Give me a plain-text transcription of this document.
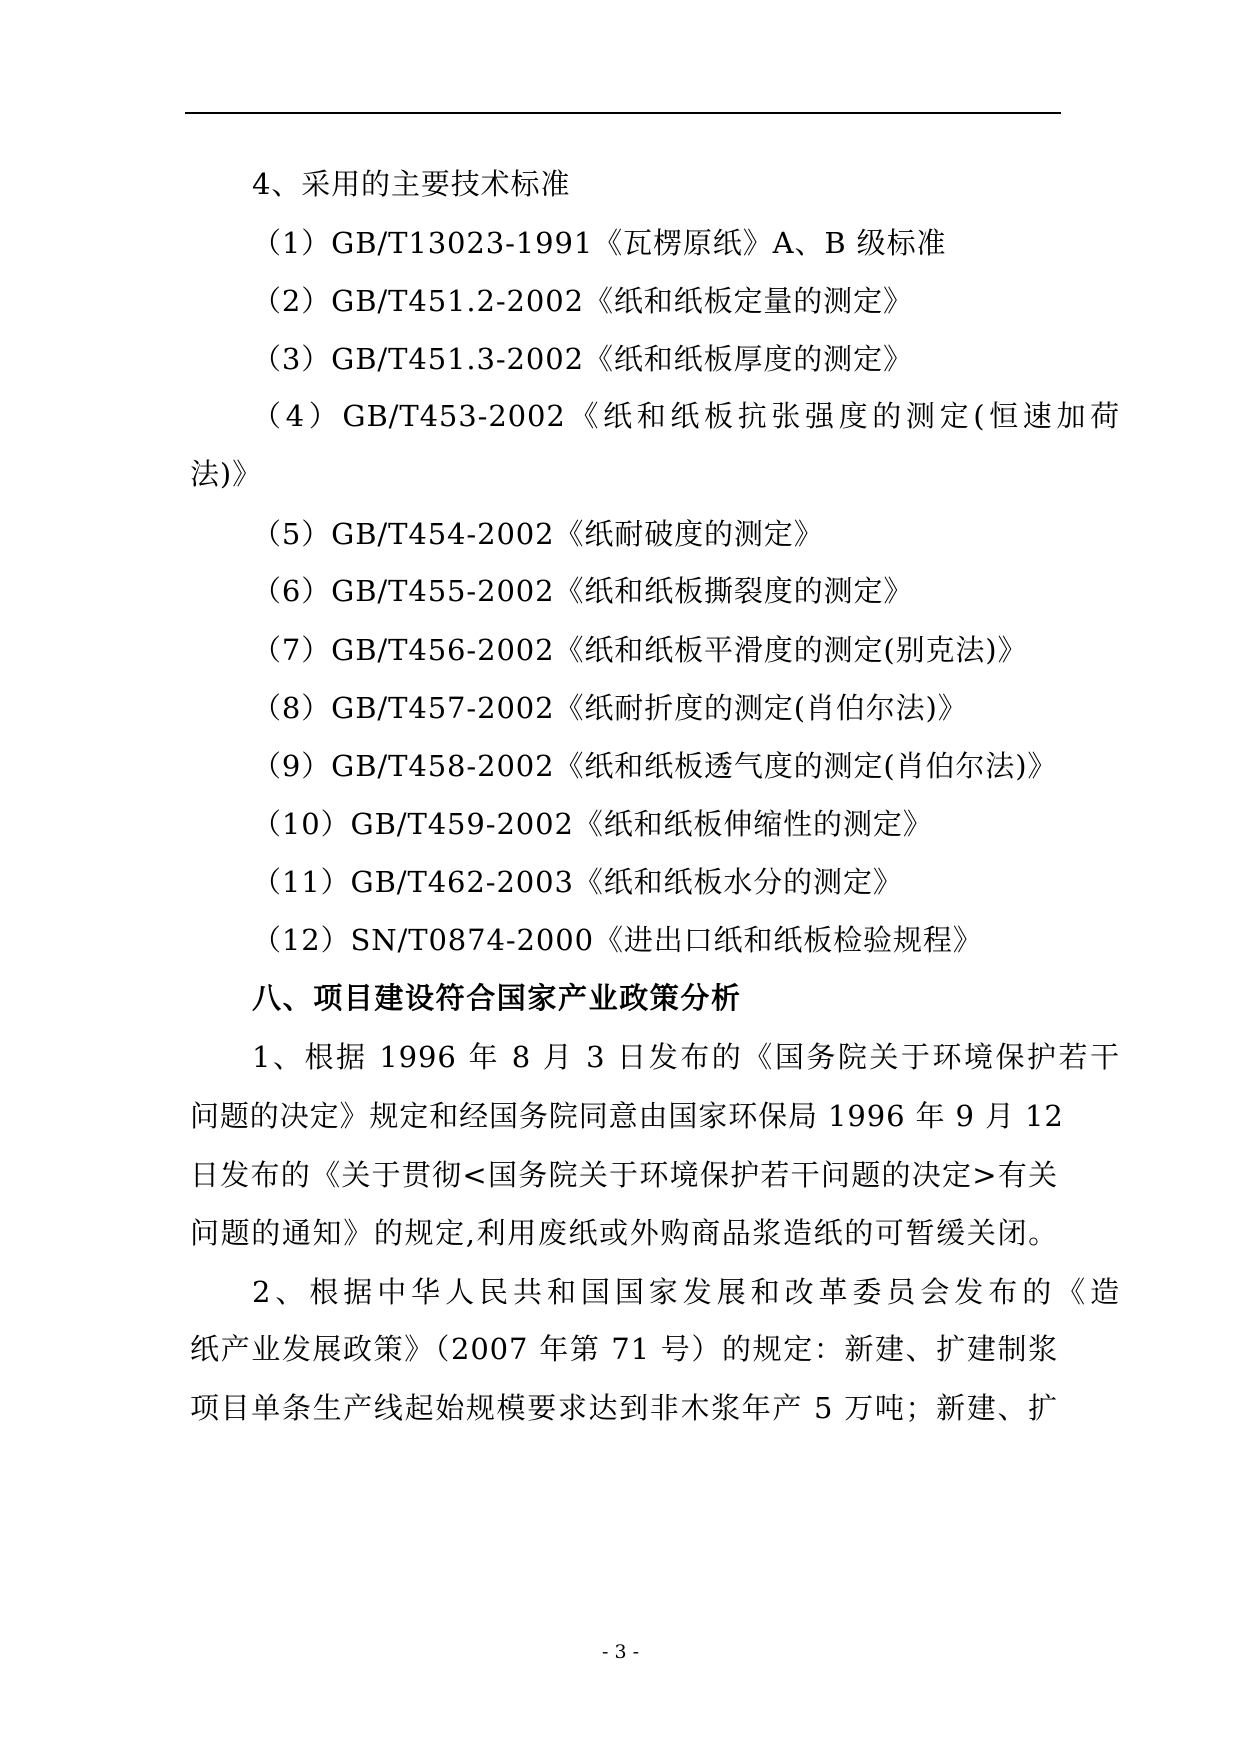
4、采用的主要技术标准
（1）GB/T13023-1991《瓦楞原纸》A、B 级标准
（2）GB/T451.2-2002《纸和纸板定量的测定》
（3）GB/T451.3-2002《纸和纸板厚度的测定》
（4）GB/T453-2002《纸和纸板抗张强度的测定(恒速加荷
法)》
（5）GB/T454-2002《纸耐破度的测定》
（6）GB/T455-2002《纸和纸板撕裂度的测定》
（7）GB/T456-2002《纸和纸板平滑度的测定(别克法)》
（8）GB/T457-2002《纸耐折度的测定(肖伯尔法)》
（9）GB/T458-2002《纸和纸板透气度的测定(肖伯尔法)》
（10）GB/T459-2002《纸和纸板伸缩性的测定》
（11）GB/T462-2003《纸和纸板水分的测定》
（12）SN/T0874-2000《进出口纸和纸板检验规程》
八、项目建设符合国家产业政策分析
1、根据 1996 年 8 月 3 日发布的《国务院关于环境保护若干
问题的决定》规定和经国务院同意由国家环保局 1996 年 9 月 12
日发布的《关于贯彻<国务院关于环境保护若干问题的决定>有关
问题的通知》的规定,利用废纸或外购商品浆造纸的可暂缓关闭。
2、根据中华人民共和国国家发展和改革委员会发布的《造
纸产业发展政策》（2007 年第 71 号）的规定：新建、扩建制浆
项目单条生产线起始规模要求达到非木浆年产 5 万吨；新建、扩
- 3 -
